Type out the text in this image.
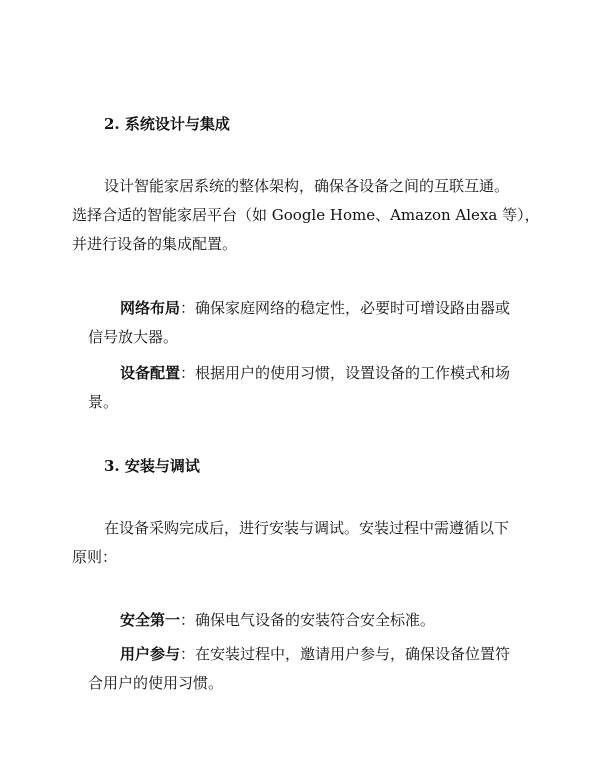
2. 系统设计与集成

设计智能家居系统的整体架构，确保各设备之间的互联互通。
选择合适的智能家居平台（如 Google Home、Amazon Alexa 等），
并进行设备的集成配置。

网络布局：确保家庭网络的稳定性，必要时可增设路由器或
信号放大器。

设备配置：根据用户的使用习惯，设置设备的工作模式和场
景。

3. 安装与调试

在设备采购完成后，进行安装与调试。安装过程中需遵循以下
原则：

安全第一：确保电气设备的安装符合安全标准。

用户参与：在安装过程中，邀请用户参与，确保设备位置符
合用户的使用习惯。
